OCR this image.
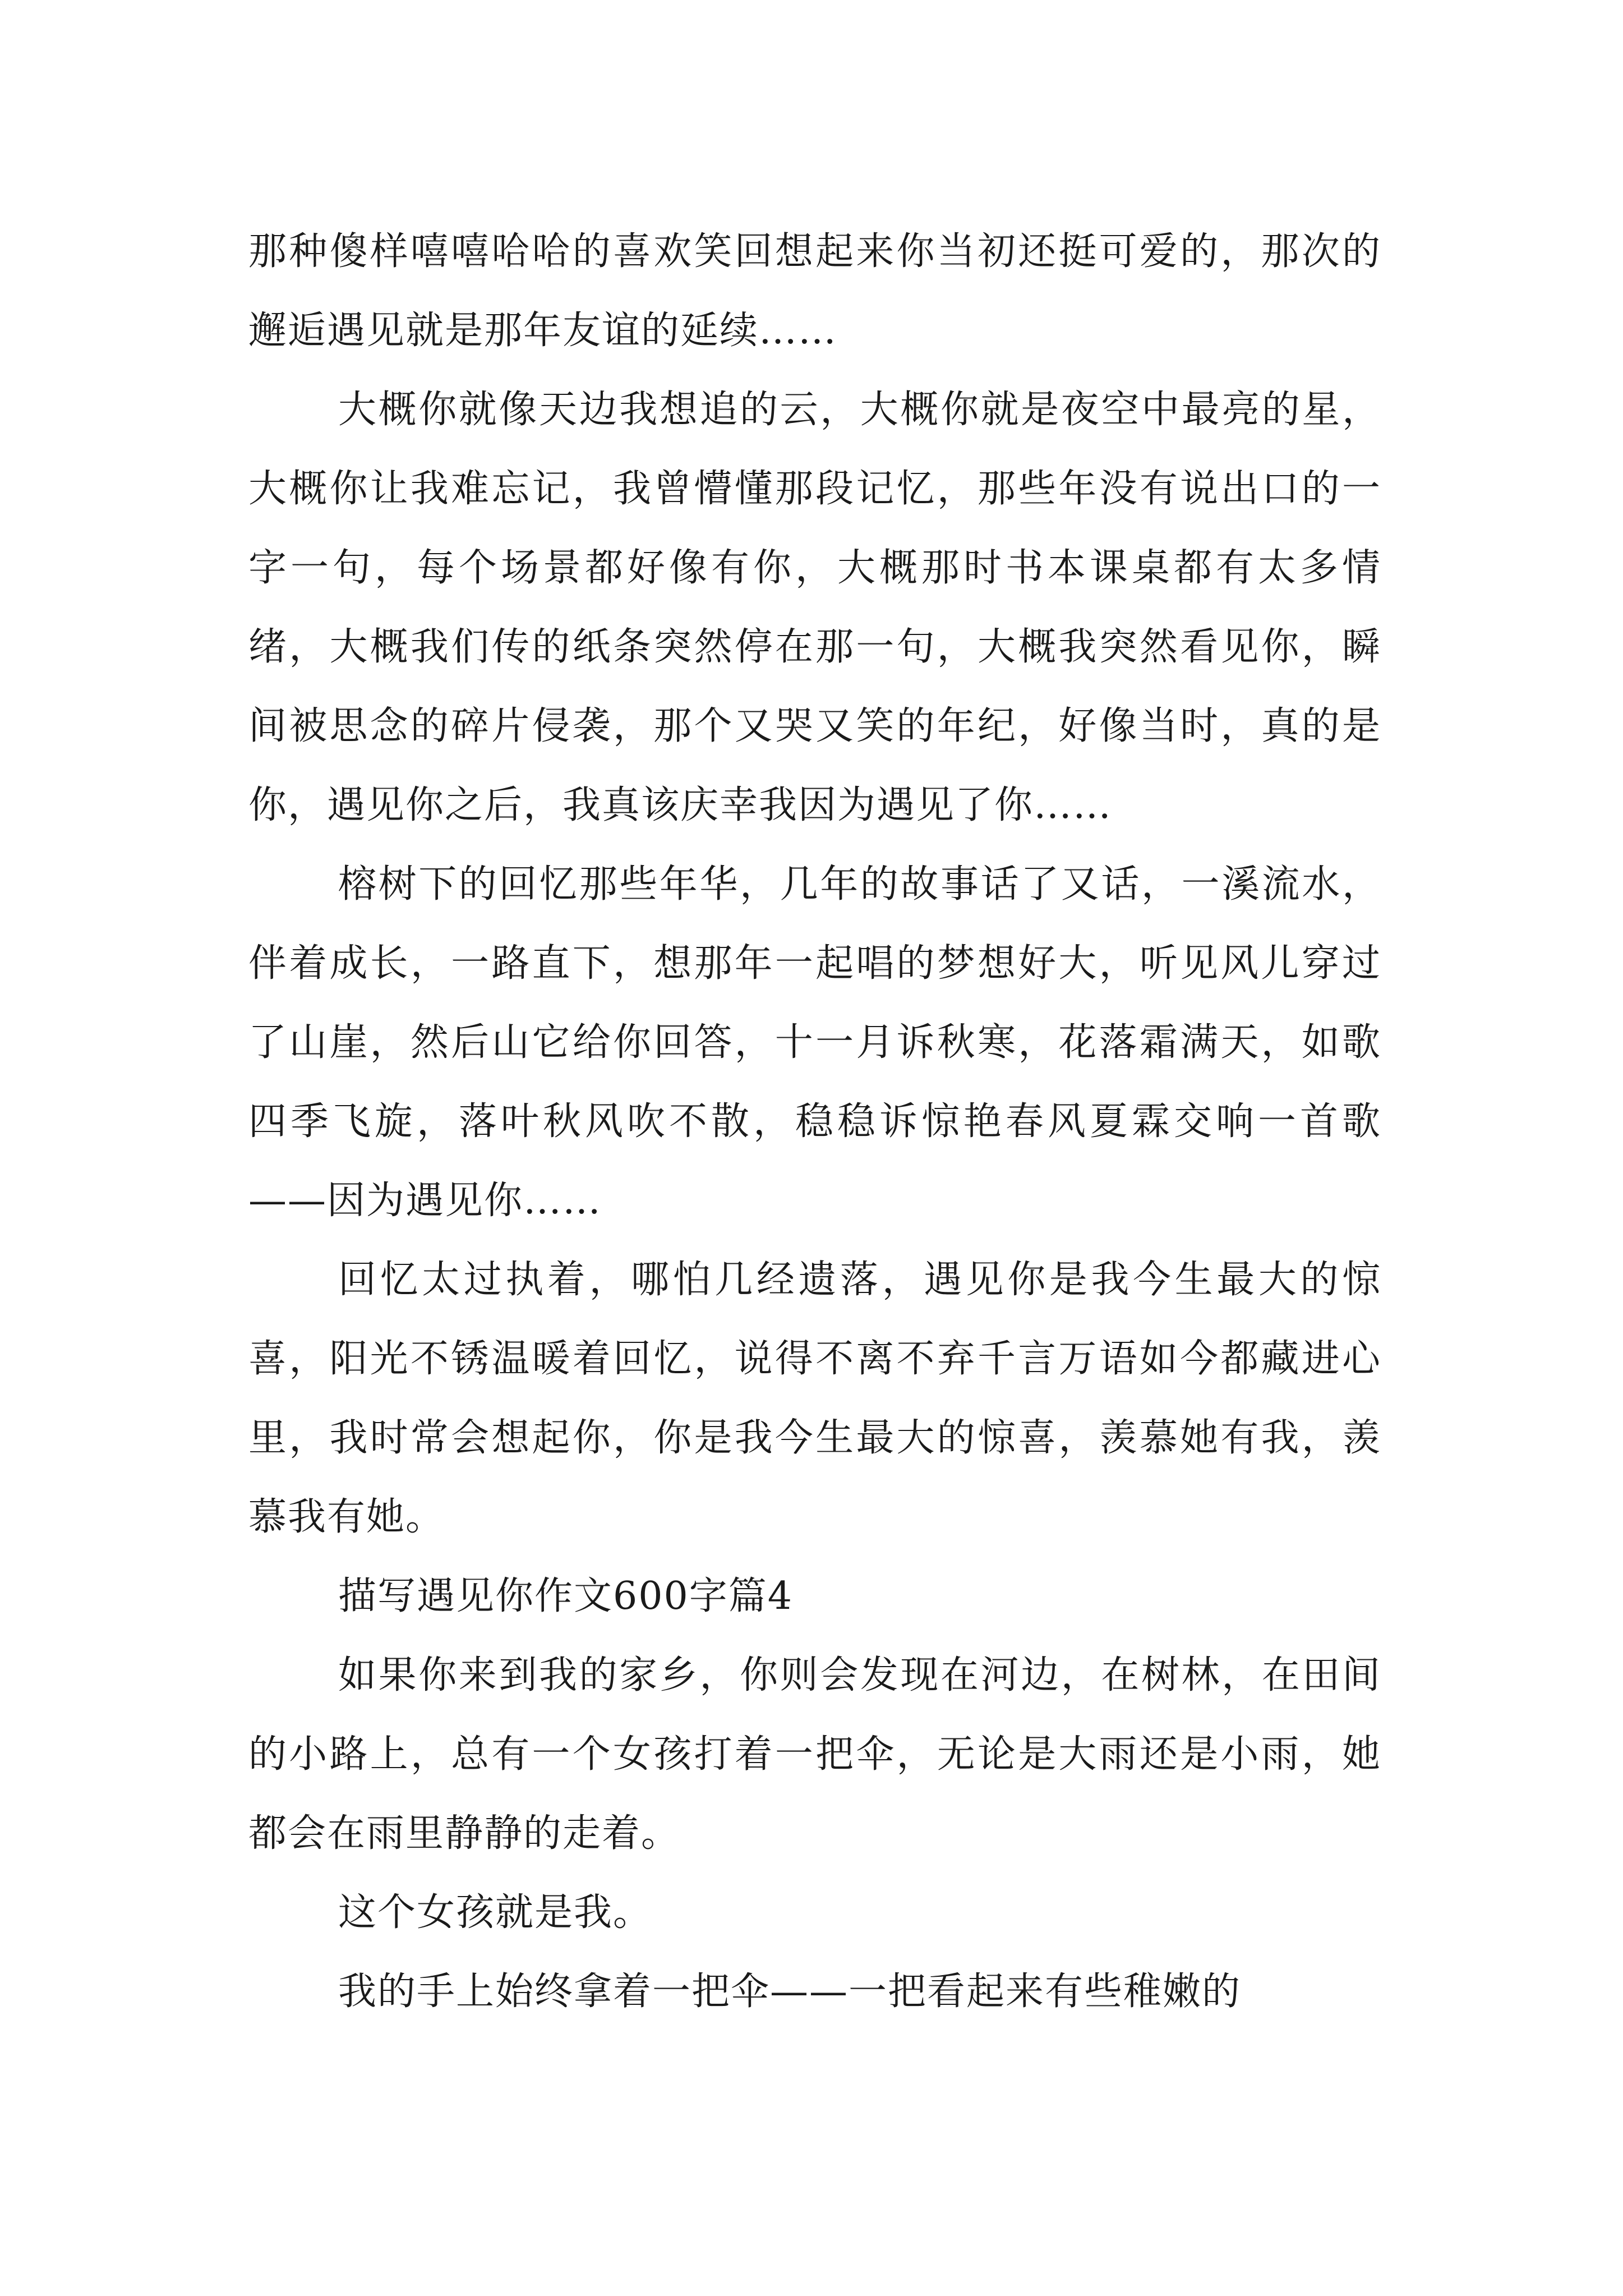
那种傻样嘻嘻哈哈的喜欢笑回想起来你当初还挺可爱的，那次的邂逅遇见就是那年友谊的延续……

大概你就像天边我想追的云，大概你就是夜空中最亮的星，大概你让我难忘记，我曾懵懂那段记忆，那些年没有说出口的一字一句，每个场景都好像有你，大概那时书本课桌都有太多情绪，大概我们传的纸条突然停在那一句，大概我突然看见你，瞬间被思念的碎片侵袭，那个又哭又笑的年纪，好像当时，真的是你，遇见你之后，我真该庆幸我因为遇见了你……

榕树下的回忆那些年华，几年的故事话了又话，一溪流水，伴着成长，一路直下，想那年一起唱的梦想好大，听见风儿穿过了山崖，然后山它给你回答，十一月诉秋寒，花落霜满天，如歌四季飞旋，落叶秋风吹不散，稳稳诉惊艳春风夏霖交响一首歌——因为遇见你……

回忆太过执着，哪怕几经遗落，遇见你是我今生最大的惊喜，阳光不锈温暖着回忆，说得不离不弃千言万语如今都藏进心里，我时常会想起你，你是我今生最大的惊喜，羡慕她有我，羡慕我有她。

描写遇见你作文600字篇4

如果你来到我的家乡，你则会发现在河边，在树林，在田间的小路上，总有一个女孩打着一把伞，无论是大雨还是小雨，她都会在雨里静静的走着。

这个女孩就是我。

我的手上始终拿着一把伞——一把看起来有些稚嫩的
